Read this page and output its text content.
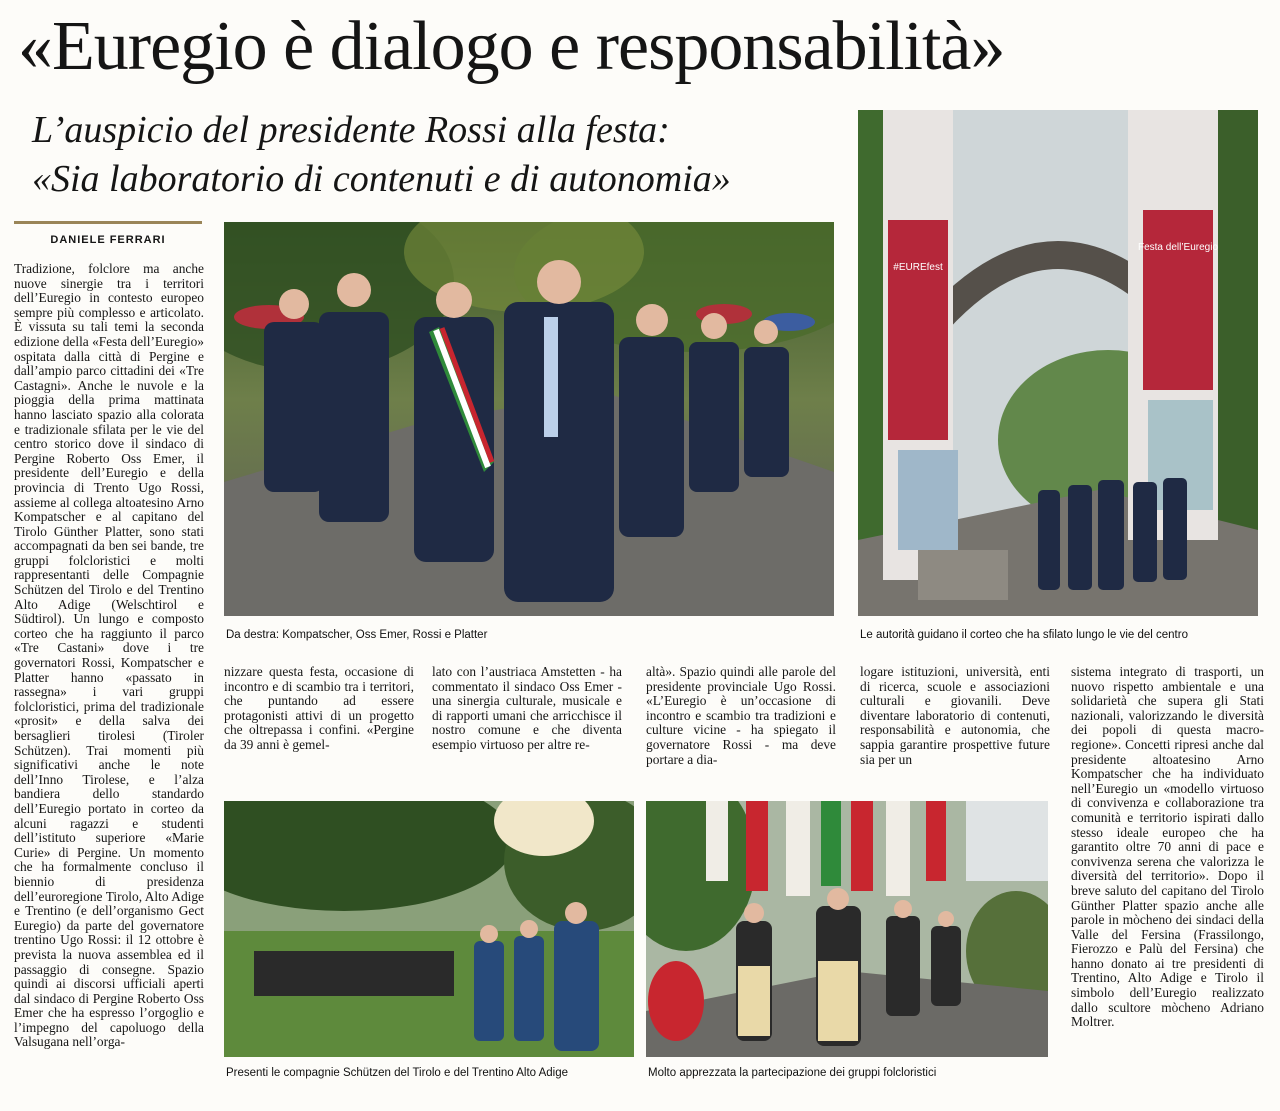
«Euregio è dialogo e responsabilità»
L’auspicio del presidente Rossi alla festa:
«Sia laboratorio di contenuti e di autonomia»
DANIELE FERRARI
Tradizione, folclore ma anche nuove sinergie tra i territori dell’Euregio in contesto europeo sempre più complesso e articolato. È vissuta su tali temi la seconda edizione della «Festa dell’Euregio» ospitata dalla città di Pergine e dall’ampio parco cittadini dei «Tre Castagni». Anche le nuvole e la pioggia della prima mattinata hanno lasciato spazio alla colorata e tradizionale sfilata per le vie del centro storico dove il sindaco di Pergine Roberto Oss Emer, il presidente dell’Euregio e della provincia di Trento Ugo Rossi, assieme al collega altoatesino Arno Kompatscher e al capitano del Tirolo Günther Platter, sono stati accompagnati da ben sei bande, tre gruppi folcloristici e molti rappresentanti delle Compagnie Schützen del Tirolo e del Trentino Alto Adige (Welschtirol e Südtirol). Un lungo e composto corteo che ha raggiunto il parco «Tre Castani» dove i tre governatori Rossi, Kompatscher e Platter hanno «passato in rassegna» i vari gruppi folcloristici, prima del tradizionale «prosit» e della salva dei bersaglieri tirolesi (Tiroler Schützen). Trai momenti più significativi anche le note dell’Inno Tirolese, e l’alza bandiera dello standardo dell’Euregio portato in corteo da alcuni ragazzi e studenti dell’istituto superiore «Marie Curie» di Pergine. Un momento che ha formalmente concluso il biennio di presidenza dell’euroregione Tirolo, Alto Adige e Trentino (e dell’organismo Gect Euregio) da parte del governatore trentino Ugo Rossi: il 12 ottobre è prevista la nuova assemblea ed il passaggio di consegne. Spazio quindi ai discorsi ufficiali aperti dal sindaco di Pergine Roberto Oss Emer che ha espresso l’orgoglio e l’impegno del capoluogo della Valsugana nell’orga-
nizzare questa festa, occasione di incontro e di scambio tra i territori, che puntando ad essere protagonisti attivi di un progetto che oltrepassa i confini. «Pergine da 39 anni è gemel-
lato con l’austriaca Amstetten - ha commentato il sindaco Oss Emer - una sinergia culturale, musicale e di rapporti umani che arricchisce il nostro comune e che diventa esempio virtuoso per altre re-
altà». Spazio quindi alle parole del presidente provinciale Ugo Rossi. «L’Euregio è un’occasione di incontro e scambio tra tradizioni e culture vicine - ha spiegato il governatore Rossi - ma deve portare a dia-
logare istituzioni, università, enti di ricerca, scuole e associazioni culturali e giovanili. Deve diventare laboratorio di contenuti, responsabilità e autonomia, che sappia garantire prospettive future sia per un
sistema integrato di trasporti, un nuovo rispetto ambientale e una solidarietà che supera gli Stati nazionali, valorizzando le diversità dei popoli di questa macro-regione». Concetti ripresi anche dal presidente altoatesino Arno Kompatscher che ha individuato nell’Euregio un «modello virtuoso di convivenza e collaborazione tra comunità e territorio ispirati dallo stesso ideale europeo che ha garantito oltre 70 anni di pace e convivenza serena che valorizza le diversità del territorio». Dopo il breve saluto del capitano del Tirolo Günther Platter spazio anche alle parole in mòcheno dei sindaci della Valle del Fersina (Frassilongo, Fierozzo e Palù del Fersina) che hanno donato ai tre presidenti di Trentino, Alto Adige e Tirolo il simbolo dell’Euregio realizzato dallo scultore mòcheno Adriano Moltrer.
Da destra: Kompatscher, Oss Emer, Rossi e Platter
#EUREfest
Festa dell’Euregio
Le autorità guidano il corteo che ha sfilato lungo le vie del centro
Presenti le compagnie Schützen del Tirolo e del Trentino Alto Adige	Molto apprezzata la partecipazione dei gruppi folcloristici
